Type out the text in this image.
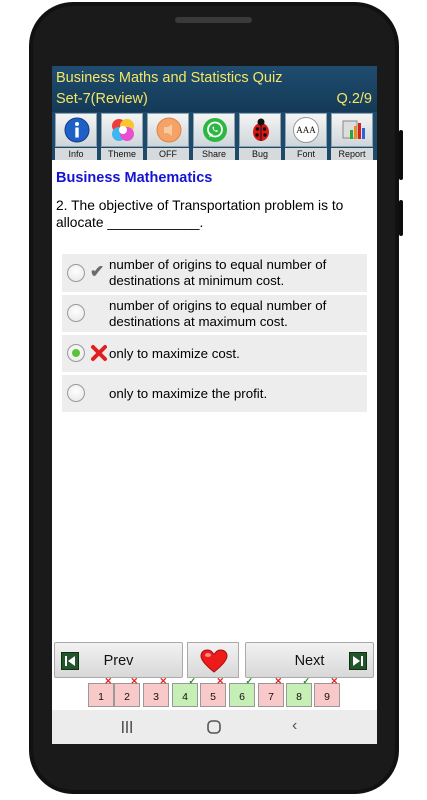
Business Maths and Statistics Quiz
Set-7(Review)	Q.2/9
Info	Theme	OFF	Share	Bug
AAA
Font	Report
Business Mathematics
2. The objective of Transportation problem is to allocate ____________.
✔ number of origins to equal number of destinations at minimum cost.
number of origins to equal number of destinations at maximum cost.
only to maximize cost.
only to maximize the profit.
Prev	Next
1
✕
2
✕
3
✕
4
✓
5
✕
6
✓
7
✕
8
✓
9
✕
‹
